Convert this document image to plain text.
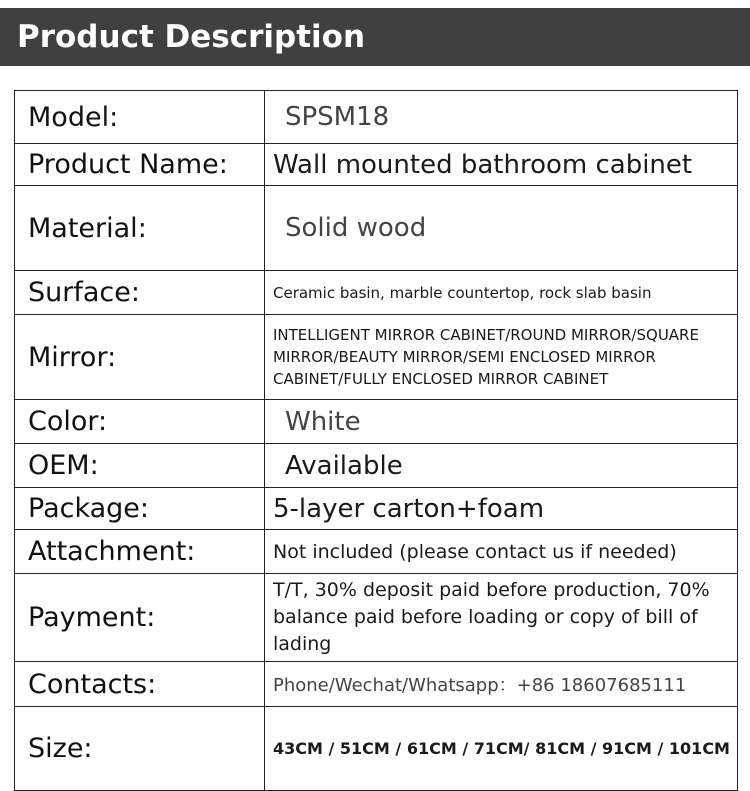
Product Description
Model:	SPSM18
Product Name:	Wall mounted bathroom cabinet
Material:	Solid wood
Surface:	Ceramic basin, marble countertop, rock slab basin
Mirror:	INTELLIGENT MIRROR CABINET/ROUND MIRROR/SQUARE MIRROR/BEAUTY MIRROR/SEMI ENCLOSED MIRROR CABINET/FULLY ENCLOSED MIRROR CABINET
Color:	White
OEM:	Available
Package:	5-layer carton+foam
Attachment:	Not included (please contact us if needed)
Payment:	T/T, 30% deposit paid before production, 70% balance paid before loading or copy of bill of lading
Contacts:	Phone/Wechat/Whatsapp：+86 18607685111
Size:	43CM / 51CM / 61CM / 71CM/ 81CM / 91CM / 101CM
